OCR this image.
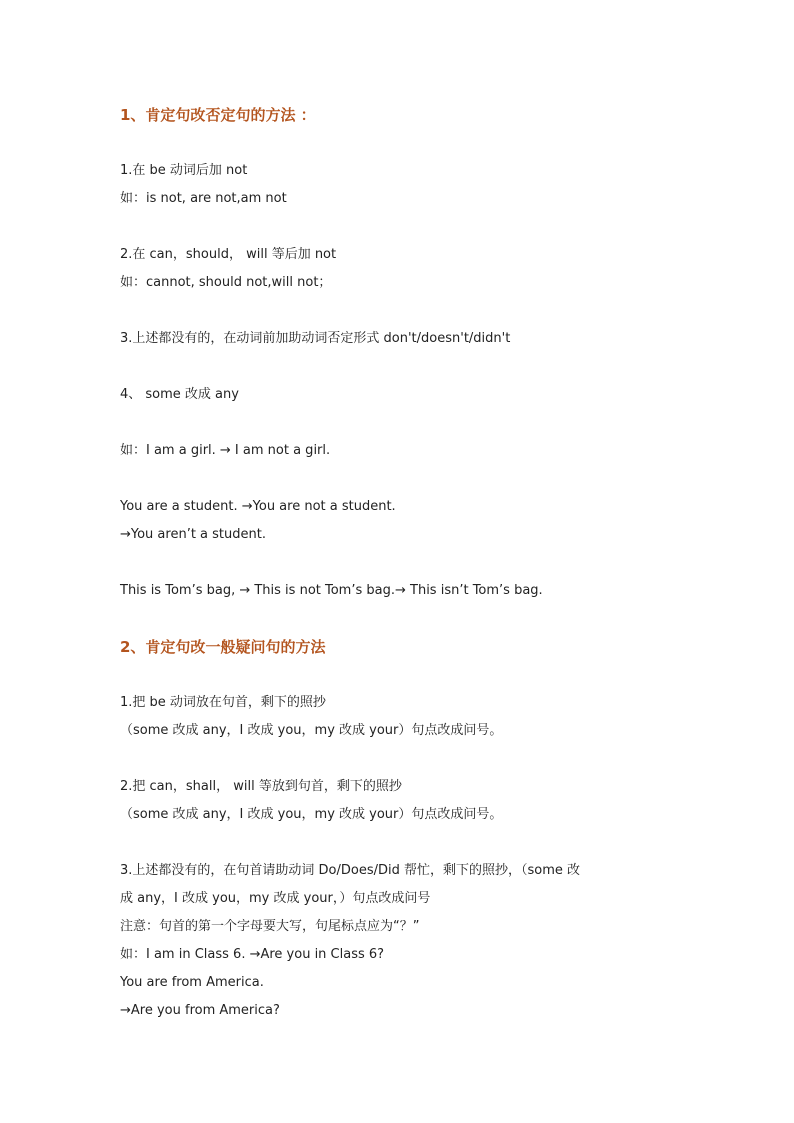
1、肯定句改否定句的方法 ：
1.在 be 动词后加 not
如：is not, are not,am not
2.在 can，should， will 等后加 not
如：cannot, should not,will not；
3.上述都没有的，在动词前加助动词否定形式 don't/doesn't/didn't
4、 some 改成 any
如：I am a girl. → I am not a girl.
You are a student. →You are not a student.
→You aren’t a student.
This is Tom’s bag, → This is not Tom’s bag.→ This isn’t Tom’s bag.
2、肯定句改一般疑问句的方法
1.把 be 动词放在句首，剩下的照抄
（some 改成 any，I 改成 you，my 改成 your）句点改成问号。
2.把 can，shall， will 等放到句首，剩下的照抄
（some 改成 any，I 改成 you，my 改成 your）句点改成问号。
3.上述都没有的，在句首请助动词 Do/Does/Did 帮忙，剩下的照抄，（some 改
成 any，I 改成 you，my 改成 your，）句点改成问号
注意：句首的第一个字母要大写，句尾标点应为“？”
如：I am in Class 6. →Are you in Class 6?
You are from America.
→Are you from America?
